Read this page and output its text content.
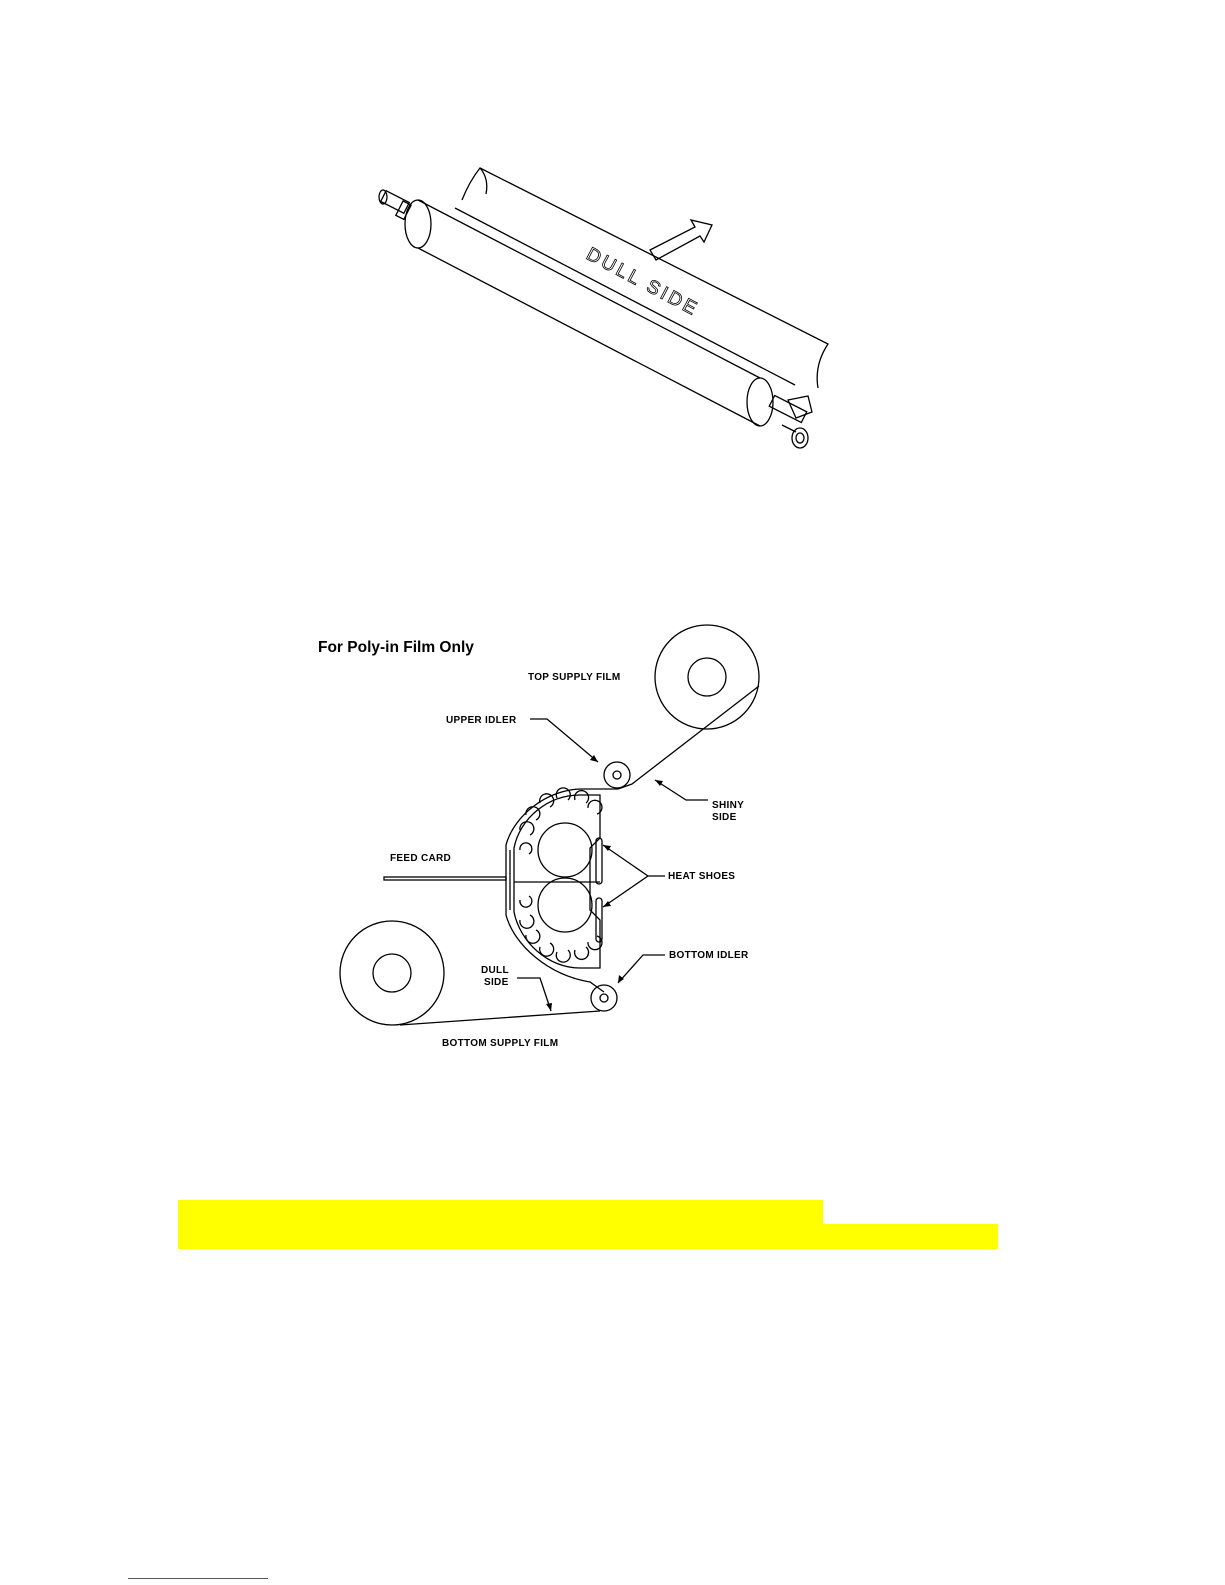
DULL SIDE
For Poly-in Film Only
TOP SUPPLY FILM
UPPER IDLER
SHINY
SIDE
HEAT SHOES
FEED CARD
BOTTOM IDLER
DULL
SIDE
BOTTOM SUPPLY FILM
